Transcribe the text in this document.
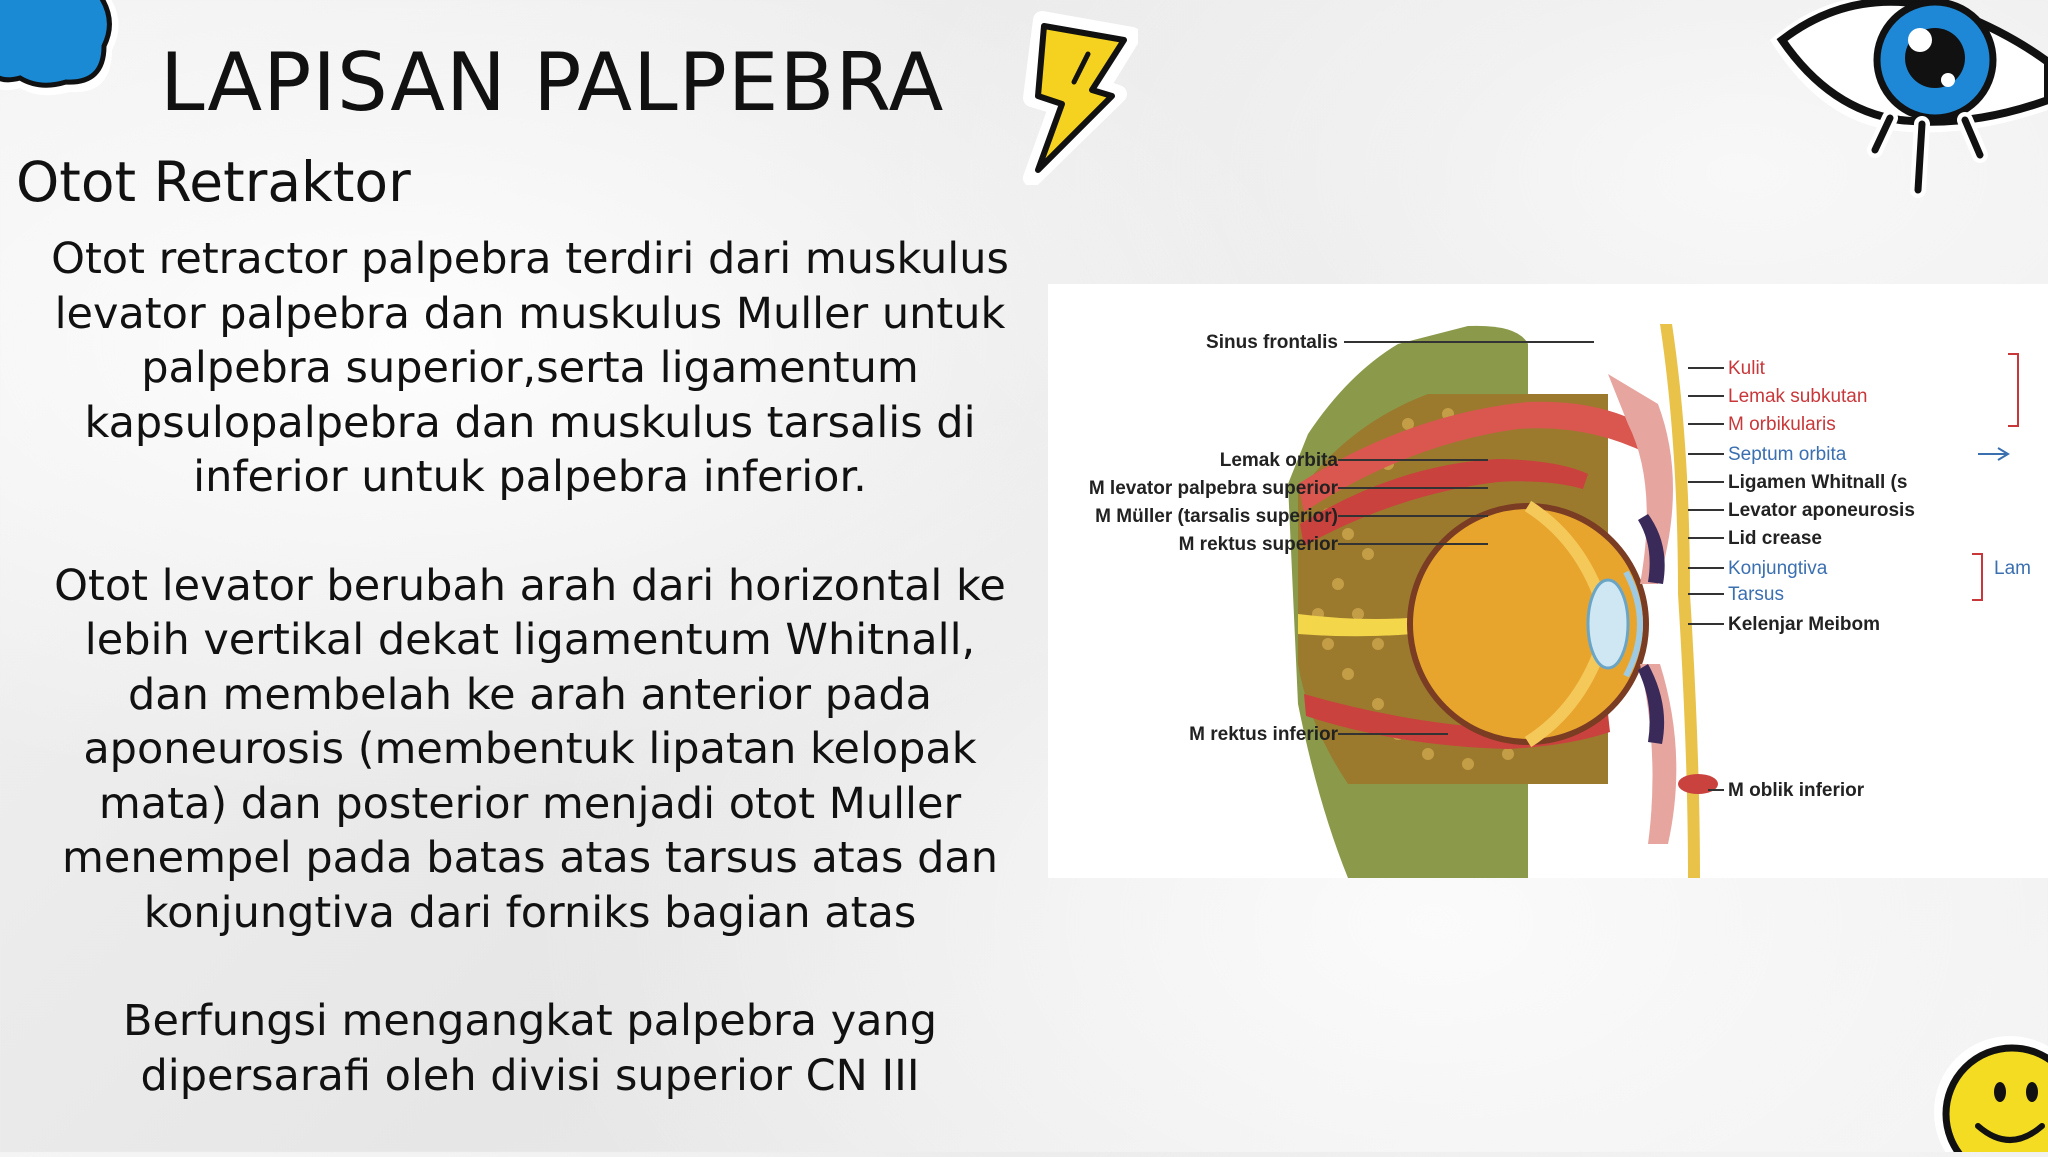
LAPISAN PALPEBRA
Otot Retraktor

Otot retractor palpebra terdiri dari muskulus levator palpebra dan muskulus Muller untuk palpebra superior,serta ligamentum kapsulopalpebra dan muskulus tarsalis di inferior untuk palpebra inferior.

Otot levator berubah arah dari horizontal ke lebih vertikal dekat ligamentum Whitnall, dan membelah ke arah anterior pada aponeurosis (membentuk lipatan kelopak mata) dan posterior menjadi otot Muller menempel pada batas atas tarsus atas dan konjungtiva dari forniks bagian atas

Berfungsi mengangkat palpebra yang dipersarafi oleh divisi superior CN III

Sinus frontalis
Lemak orbita
M levator palpebra superior
M Müller (tarsalis superior)
M rektus superior
M rektus inferior
Kulit
Lemak subkutan
M orbikularis
Septum orbita
Ligamen Whitnall (s
Levator aponeurosis
Lid crease
Konjungtiva	Lam
Tarsus
Kelenjar Meibom
M oblik inferior
